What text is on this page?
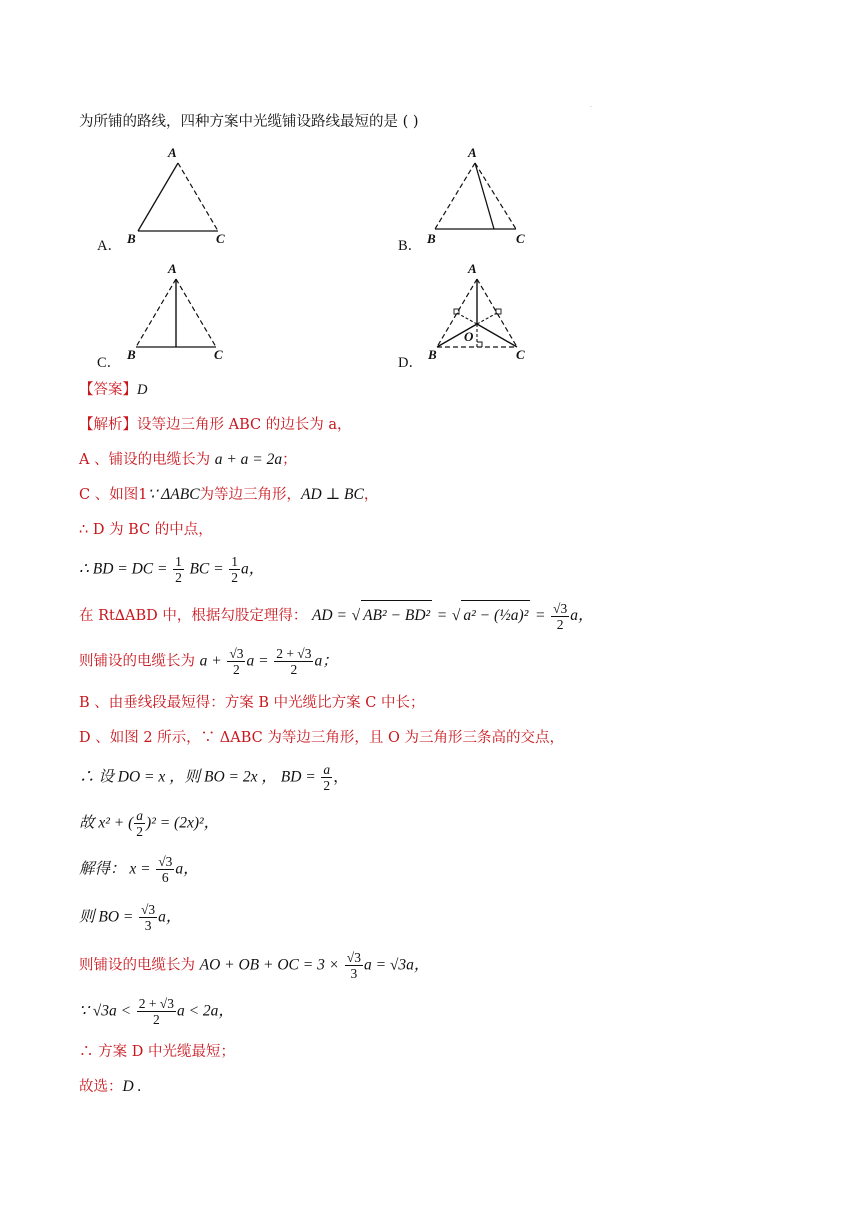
·
为所铺的路线，四种方案中光缆铺设路线最短的是 ( )
A．
A
B	C	B．
A
B	C
C．
A
B	C
D．
A
B	C
O
【答案】D
【解析】设等边三角形 ABC 的边长为 a，
A 、铺设的电缆长为 a + a = 2a；
C 、如图1∵ ΔABC为等边三角形，AD ⊥ BC，
∴ D 为 BC 的中点，
∴ BD = DC = $\frac{1}{2}$ BC = $\frac{1}{2}$ a，
在 Rt∆ABD 中，根据勾股定理得： AD = √ AB² − BD² = √ a² − (½a)² = $\frac{√3}{2}$ a，
则铺设的电缆长为 $a + \frac{√3}{2}$ $a = \frac{2 + √3}{2}$ a；
B 、由垂线段最短得：方案 B 中光缆比方案 C 中长；
D 、如图 2 所示，∵ ΔABC 为等边三角形，且 O 为三角形三条高的交点，
∴ 设 DO = x ，则 BO = 2x ， BD = $\frac{a}{2}$ ，
故 x² + ( $\frac{a}{2} )^2 = (2x)^2$，
解得： $x = \frac{√3}{6}$ a，
则 BO = $\frac{√3}{3}$ a，
则铺设的电缆长为 AO + OB + OC = $3 \times \frac{√3}{3}$ a = √3a，
∵ $√3a < \frac{2 + √3}{2}$ a < 2a，
∴ 方案 D 中光缆最短；
故选：D .
